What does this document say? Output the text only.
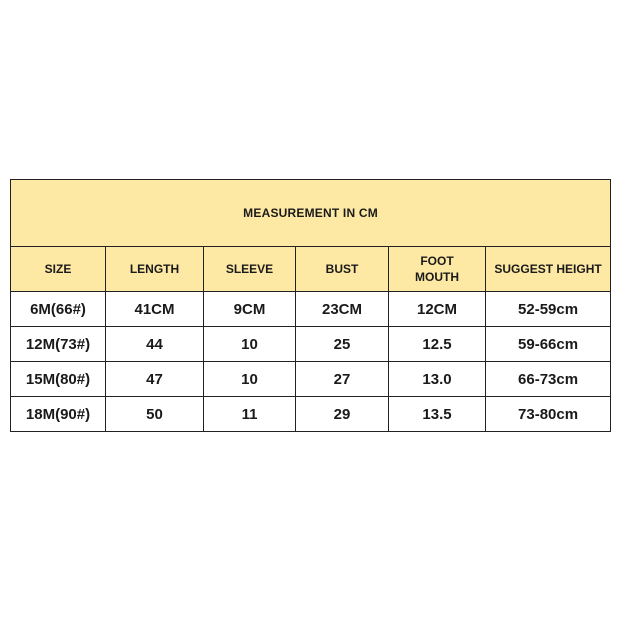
MEASUREMENT IN CM					
SIZE	LENGTH	SLEEVE	BUST	FOOT MOUTH	SUGGEST HEIGHT
6M(66#)	41CM	9CM	23CM	12CM	52-59cm
12M(73#)	44	10	25	12.5	59-66cm
15M(80#)	47	10	27	13.0	66-73cm
18M(90#)	50	11	29	13.5	73-80cm
